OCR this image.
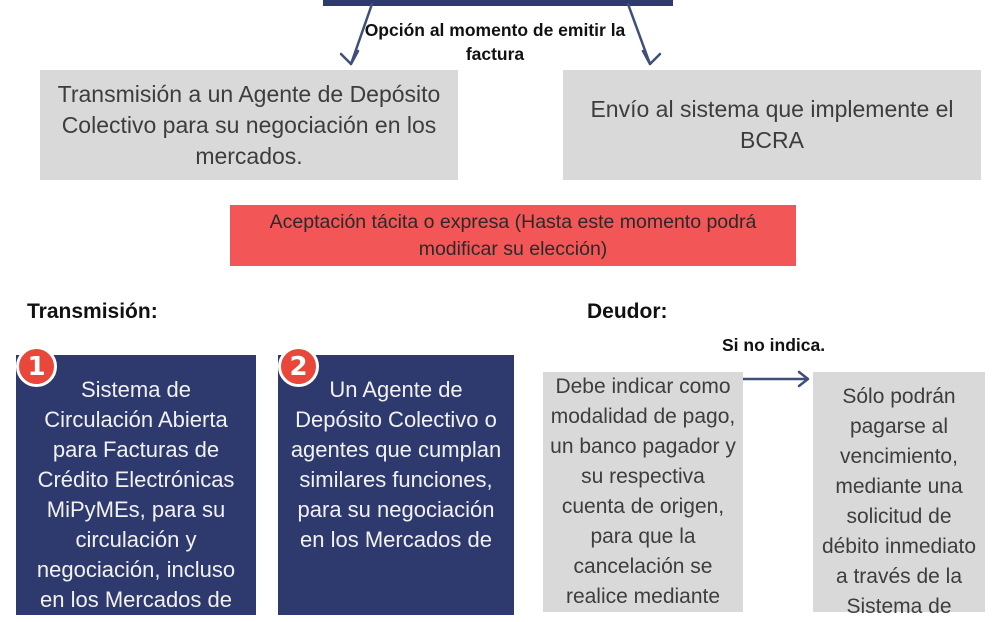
Opción al momento de emitir la factura
Transmisión a un Agente de Depósito Colectivo para su negociación en los mercados.
Envío al sistema que implemente el BCRA
Aceptación tácita o expresa (Hasta este momento podrá modificar su elección)
Transmisión:	Deudor:
Si no indica.
Sistema de Circulación Abierta para Facturas de Crédito Electrónicas MiPyMEs, para su circulación y negociación, incluso en los Mercados de
1
Un Agente de Depósito Colectivo o agentes que cumplan similares funciones, para su negociación en los Mercados de
2
Debe indicar como modalidad de pago, un banco pagador y su respectiva cuenta de origen, para que la cancelación se realice mediante
Sólo podrán pagarse al vencimiento, mediante una solicitud de débito inmediato a través de la Sistema de
